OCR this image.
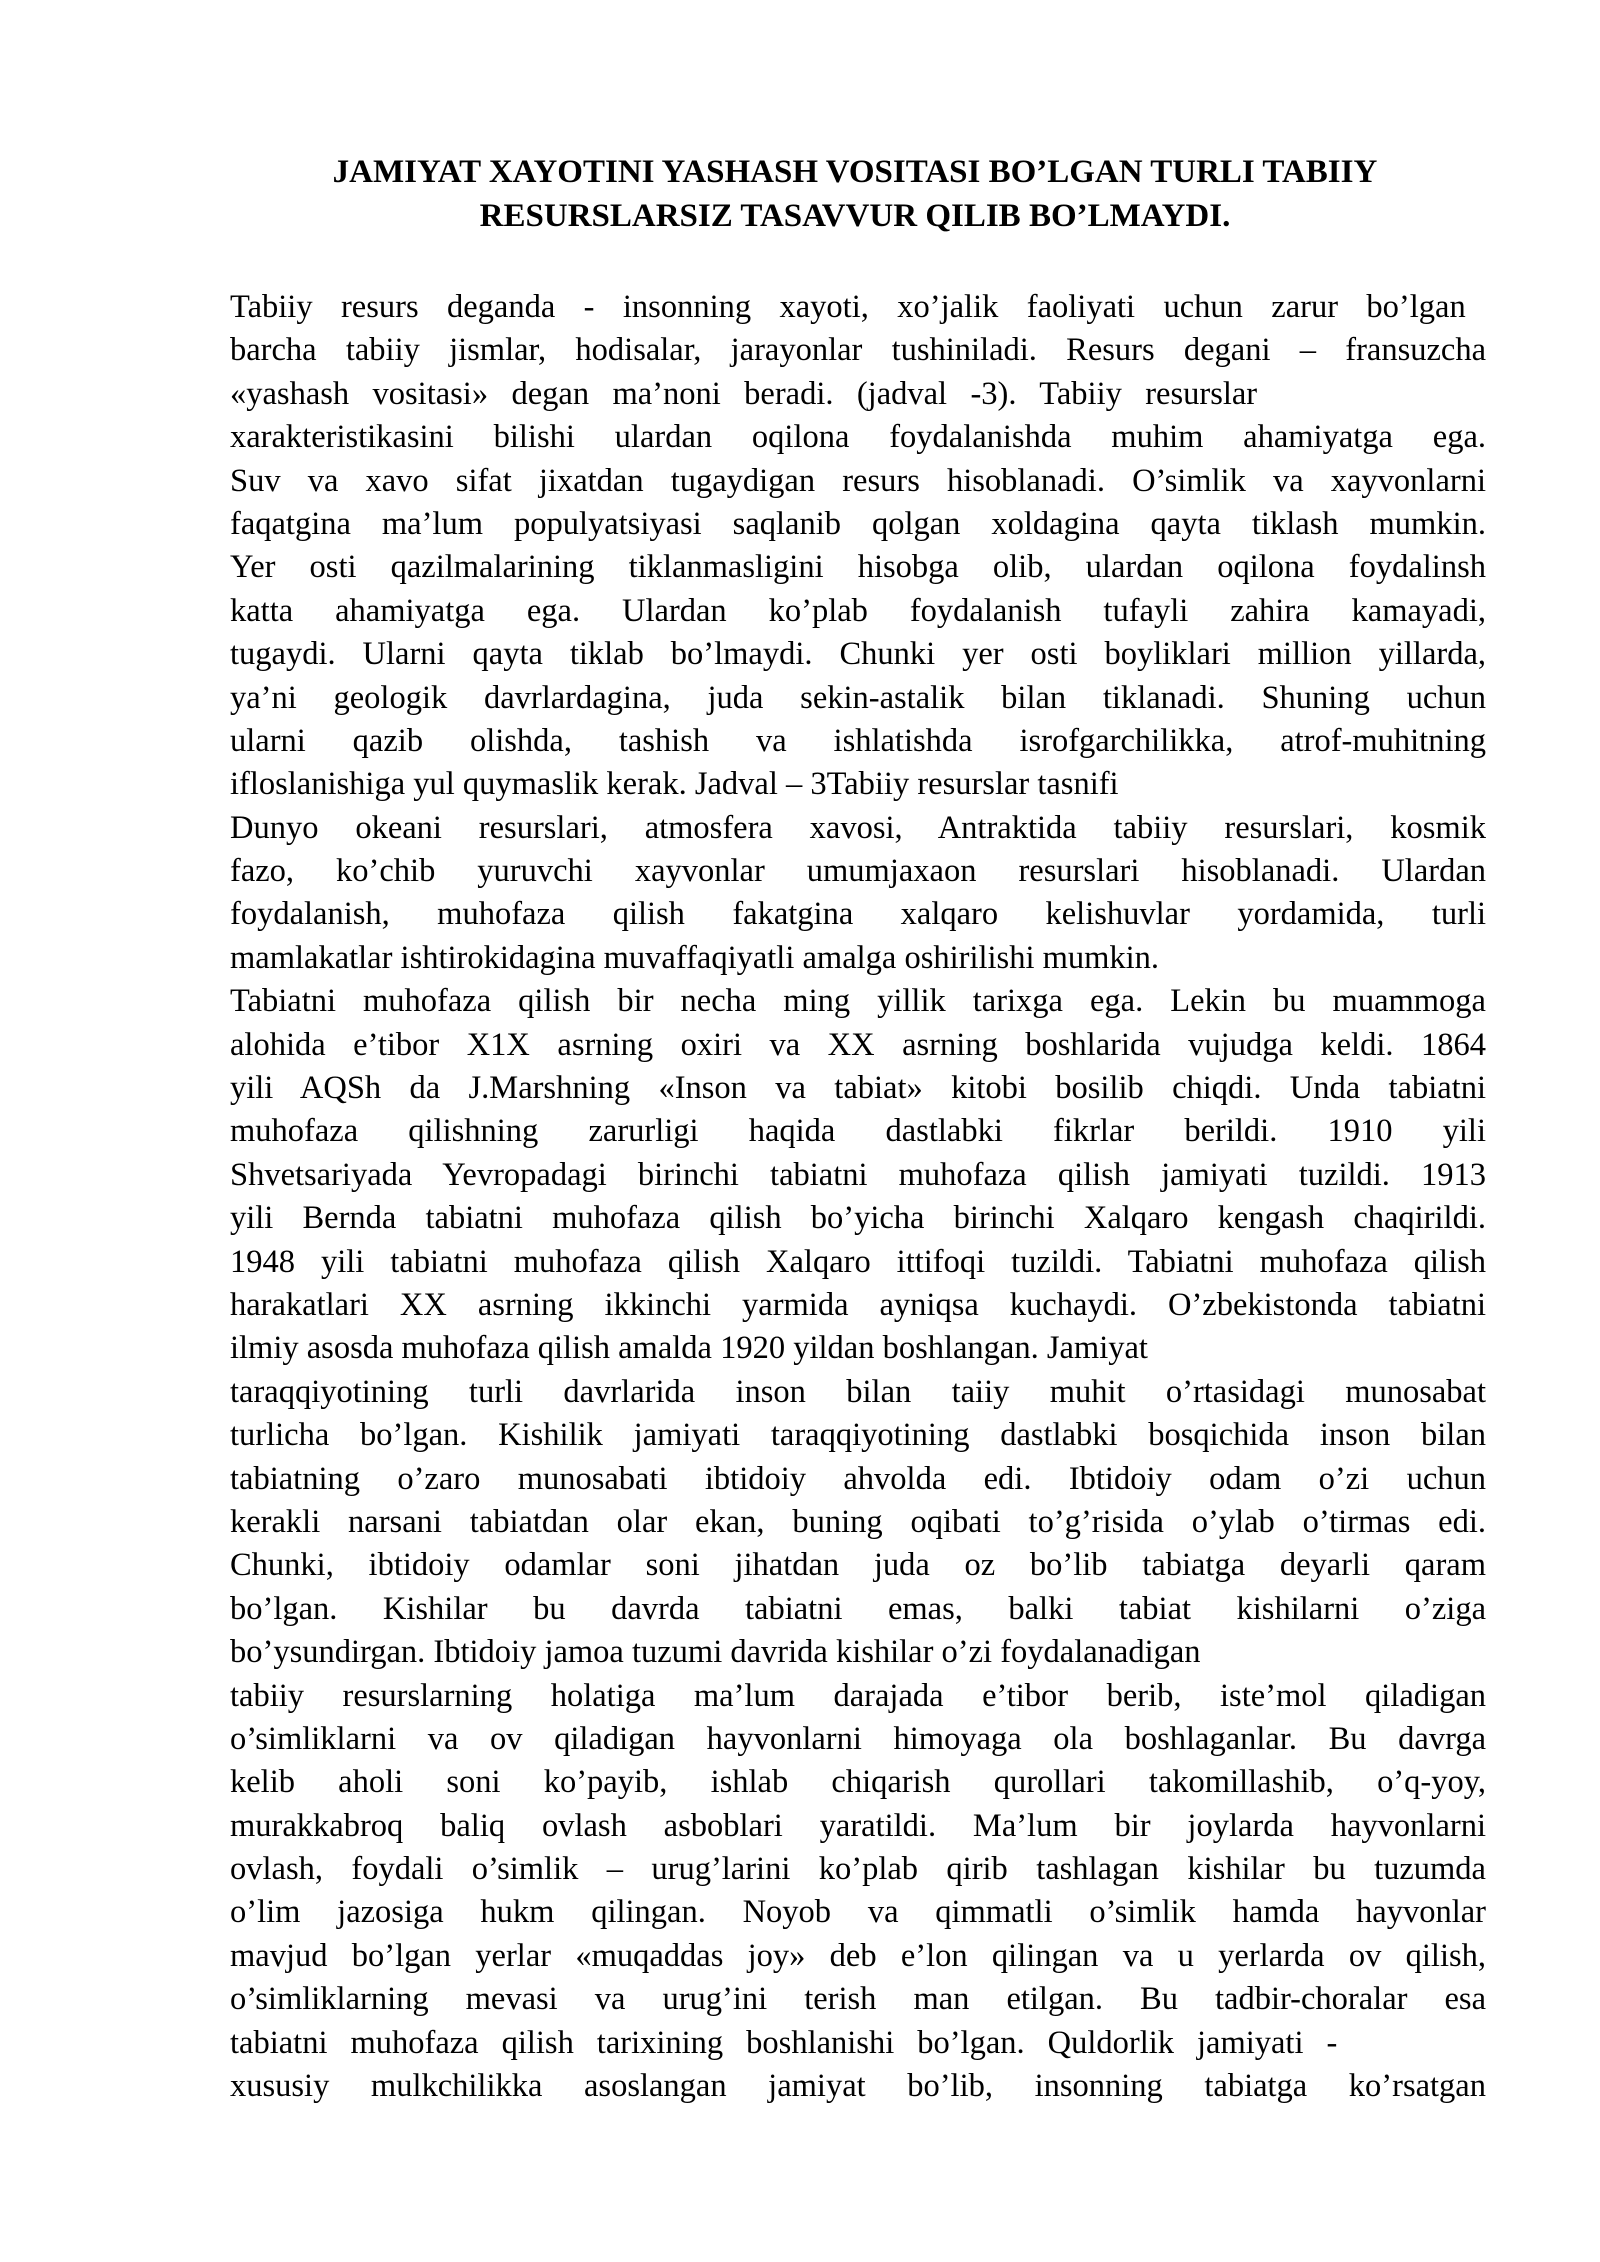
JAMIYAT XAYOTINI YASHASH VOSITASI BO’LGAN TURLI TABIIY
RESURSLARSIZ TASAVVUR QILIB BO’LMAYDI.
Tabiiy resurs deganda - insonning xayoti, xo’jalik faoliyati uchun zarur bo’lgan
barcha tabiiy jismlar, hodisalar, jarayonlar tushiniladi. Resurs degani – fransuzcha
«yashash vositasi» degan ma’noni beradi. (jadval -3). Tabiiy resurslar
xarakteristikasini bilishi ulardan oqilona foydalanishda muhim ahamiyatga ega.
Suv va xavo sifat jixatdan tugaydigan resurs hisoblanadi. O’simlik va xayvonlarni
faqatgina ma’lum populyatsiyasi saqlanib qolgan xoldagina qayta tiklash mumkin.
Yer osti qazilmalarining tiklanmasligini hisobga olib, ulardan oqilona foydalinsh
katta ahamiyatga ega. Ulardan ko’plab foydalanish tufayli zahira kamayadi,
tugaydi. Ularni qayta tiklab bo’lmaydi. Chunki yer osti boyliklari million yillarda,
ya’ni geologik davrlardagina, juda sekin-astalik bilan tiklanadi. Shuning uchun
ularni qazib olishda, tashish va ishlatishda isrofgarchilikka, atrof-muhitning
ifloslanishiga yul quymaslik kerak. Jadval – 3Tabiiy resurslar tasnifi
Dunyo okeani resurslari, atmosfera xavosi, Antraktida tabiiy resurslari, kosmik
fazo, ko’chib yuruvchi xayvonlar umumjaxaon resurslari hisoblanadi. Ulardan
foydalanish, muhofaza qilish fakatgina xalqaro kelishuvlar yordamida, turli
mamlakatlar ishtirokidagina muvaffaqiyatli amalga oshirilishi mumkin.
Tabiatni muhofaza qilish bir necha ming yillik tarixga ega. Lekin bu muammoga
alohida e’tibor X1X asrning oxiri va XX asrning boshlarida vujudga keldi. 1864
yili AQSh da J.Marshning «Inson va tabiat» kitobi bosilib chiqdi. Unda tabiatni
muhofaza qilishning zarurligi haqida dastlabki fikrlar berildi. 1910 yili
Shvetsariyada Yevropadagi birinchi tabiatni muhofaza qilish jamiyati tuzildi. 1913
yili Bernda tabiatni muhofaza qilish bo’yicha birinchi Xalqaro kengash chaqirildi.
1948 yili tabiatni muhofaza qilish Xalqaro ittifoqi tuzildi. Tabiatni muhofaza qilish
harakatlari XX asrning ikkinchi yarmida ayniqsa kuchaydi. O’zbekistonda tabiatni
ilmiy asosda muhofaza qilish amalda 1920 yildan boshlangan. Jamiyat
taraqqiyotining turli davrlarida inson bilan taiiy muhit o’rtasidagi munosabat
turlicha bo’lgan. Kishilik jamiyati taraqqiyotining dastlabki bosqichida inson bilan
tabiatning o’zaro munosabati ibtidoiy ahvolda edi. Ibtidoiy odam o’zi uchun
kerakli narsani tabiatdan olar ekan, buning oqibati to’g’risida o’ylab o’tirmas edi.
Chunki, ibtidoiy odamlar soni jihatdan juda oz bo’lib tabiatga deyarli qaram
bo’lgan. Kishilar bu davrda tabiatni emas, balki tabiat kishilarni o’ziga
bo’ysundirgan. Ibtidoiy jamoa tuzumi davrida kishilar o’zi foydalanadigan
tabiiy resurslarning holatiga ma’lum darajada e’tibor berib, iste’mol qiladigan
o’simliklarni va ov qiladigan hayvonlarni himoyaga ola boshlaganlar. Bu davrga
kelib aholi soni ko’payib, ishlab chiqarish qurollari takomillashib, o’q-yoy,
murakkabroq baliq ovlash asboblari yaratildi. Ma’lum bir joylarda hayvonlarni
ovlash, foydali o’simlik – urug’larini ko’plab qirib tashlagan kishilar bu tuzumda
o’lim jazosiga hukm qilingan. Noyob va qimmatli o’simlik hamda hayvonlar
mavjud bo’lgan yerlar «muqaddas joy» deb e’lon qilingan va u yerlarda ov qilish,
o’simliklarning mevasi va urug’ini terish man etilgan. Bu tadbir-choralar esa
tabiatni muhofaza qilish tarixining boshlanishi bo’lgan. Quldorlik jamiyati -
xususiy mulkchilikka asoslangan jamiyat bo’lib, insonning tabiatga ko’rsatgan
